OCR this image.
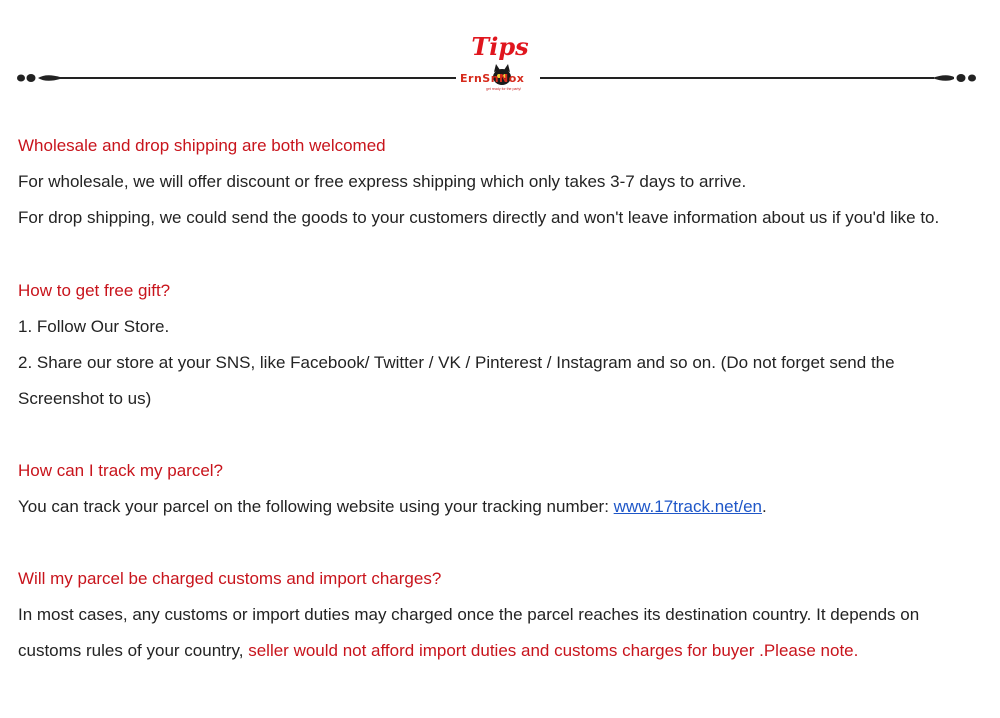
Tips
ErnSnNox
get ready for the party!
Wholesale and drop shipping are both welcomed
For wholesale, we will offer discount or free express shipping which only takes 3-7 days to arrive.
For drop shipping, we could send the goods to your customers directly and won't leave information about us if you'd like to.
How to get free gift?
1. Follow Our Store.
2. Share our store at your SNS, like Facebook/ Twitter / VK / Pinterest / Instagram and so on. (Do not forget send the Screenshot to us)
How can I track my parcel?
You can track your parcel on the following website using your tracking number: www.17track.net/en.
Will my parcel be charged customs and import charges?
In most cases, any customs or import duties may charged once the parcel reaches its destination country. It depends on customs rules of your country, seller would not afford import duties and customs charges for buyer .Please note.
